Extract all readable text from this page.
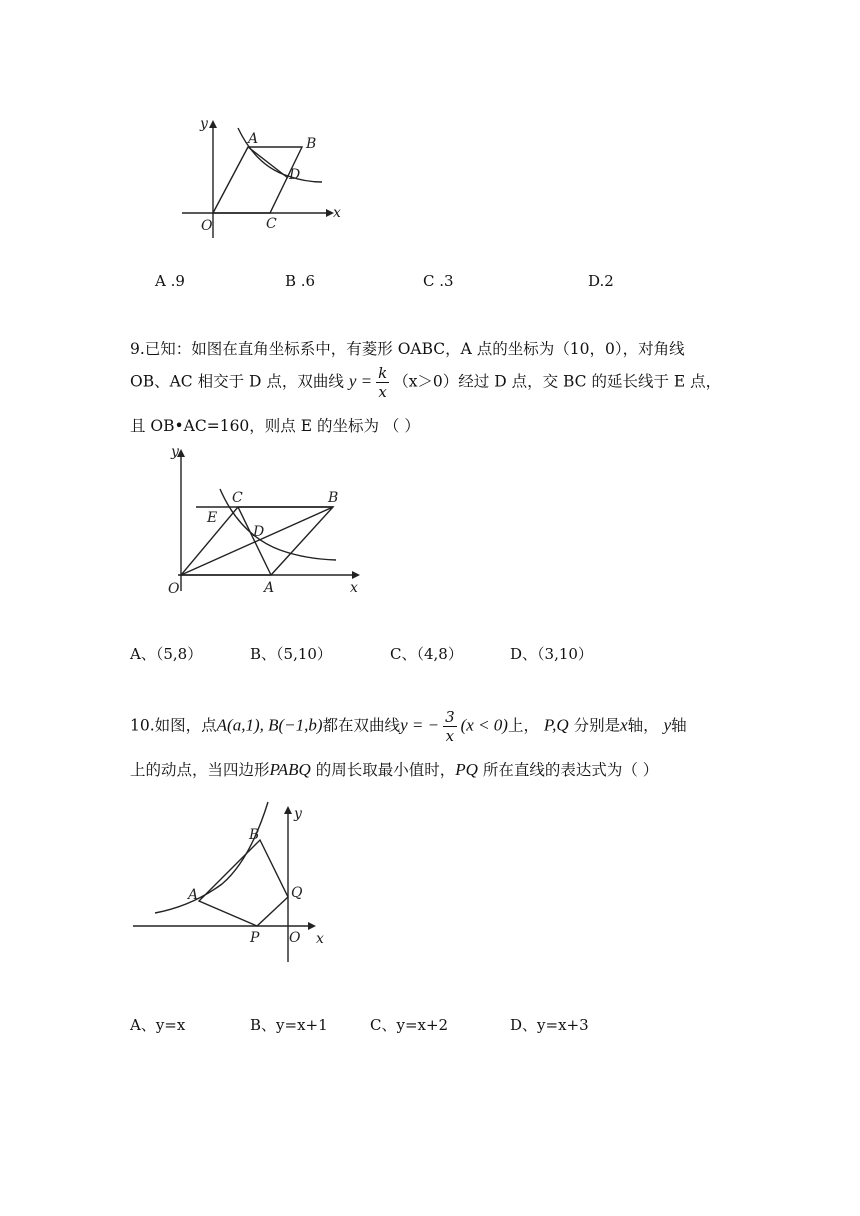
y
x
O
A	B
C
D
A .9	B .6	C .3	D.2
9.已知：如图在直角坐标系中，有菱形 OABC，A 点的坐标为（10，0），对角线
OB、AC 相交于 D 点，双曲线 $y = \frac{k}{x} (x>0)$经过 D 点，交 BC 的延长线于 E 点，
且 OB•AC=160，则点 E 的坐标为 （ ）
y
x
O	A
B
C
D
E
A、（5,8）	B、（5,10）	C、（4,8）	D、（3,10）
10.如图，点A(a,1), B(−1,b)都在双曲线y = − $\frac{3}{x} (x < 0)$上， P,Q 分别是x轴， y轴
上的动点，当四边形PABQ 的周长取最小值时，PQ 所在直线的表达式为（ ）
y
x
O
A
B
P
Q
A、y=x	B、y=x+1	C、y=x+2	D、y=x+3
